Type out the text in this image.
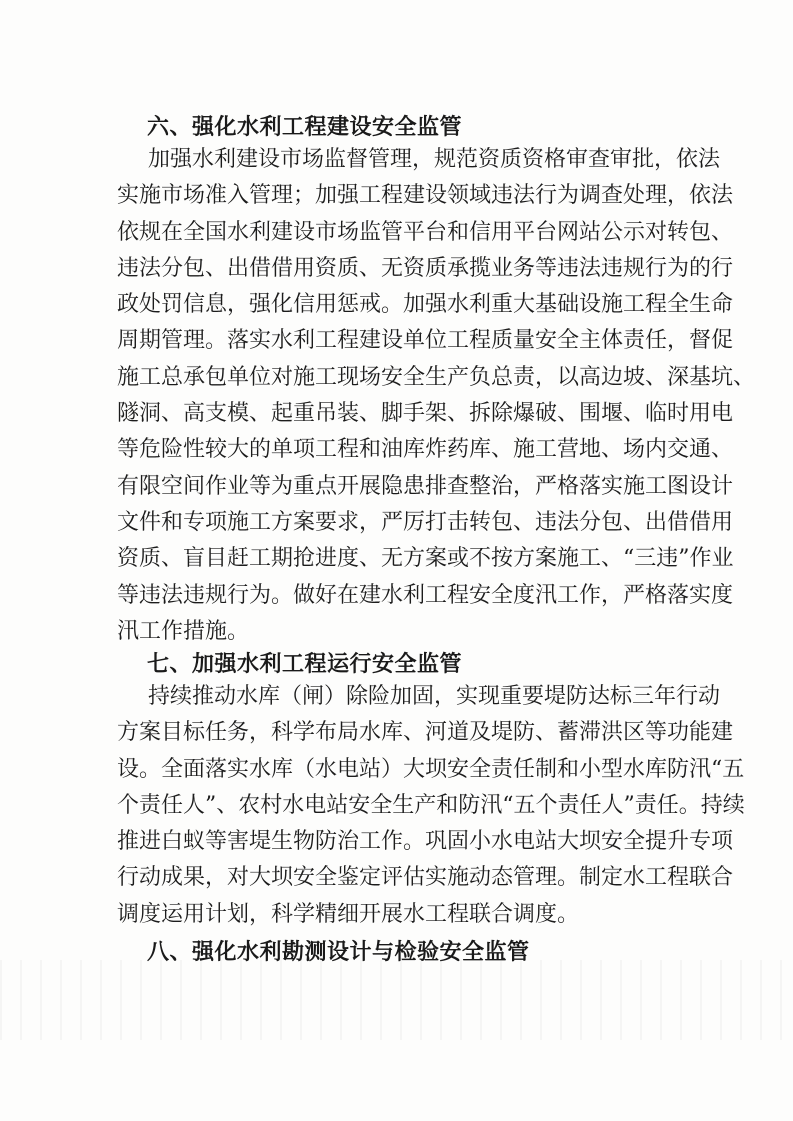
六、强化水利工程建设安全监管
加强水利建设市场监督管理，规范资质资格审查审批，依法
实施市场准入管理；加强工程建设领域违法行为调查处理，依法
依规在全国水利建设市场监管平台和信用平台网站公示对转包、
违法分包、出借借用资质、无资质承揽业务等违法违规行为的行
政处罚信息，强化信用惩戒。加强水利重大基础设施工程全生命
周期管理。落实水利工程建设单位工程质量安全主体责任，督促
施工总承包单位对施工现场安全生产负总责，以高边坡、深基坑、
隧洞、高支模、起重吊装、脚手架、拆除爆破、围堰、临时用电
等危险性较大的单项工程和油库炸药库、施工营地、场内交通、
有限空间作业等为重点开展隐患排查整治，严格落实施工图设计
文件和专项施工方案要求，严厉打击转包、违法分包、出借借用
资质、盲目赶工期抢进度、无方案或不按方案施工、“三违”作业
等违法违规行为。做好在建水利工程安全度汛工作，严格落实度
汛工作措施。
七、加强水利工程运行安全监管
持续推动水库（闸）除险加固，实现重要堤防达标三年行动
方案目标任务，科学布局水库、河道及堤防、蓄滞洪区等功能建
设。全面落实水库（水电站）大坝安全责任制和小型水库防汛“五
个责任人”、农村水电站安全生产和防汛“五个责任人”责任。持续
推进白蚁等害堤生物防治工作。巩固小水电站大坝安全提升专项
行动成果，对大坝安全鉴定评估实施动态管理。制定水工程联合
调度运用计划，科学精细开展水工程联合调度。
八、强化水利勘测设计与检验安全监管
